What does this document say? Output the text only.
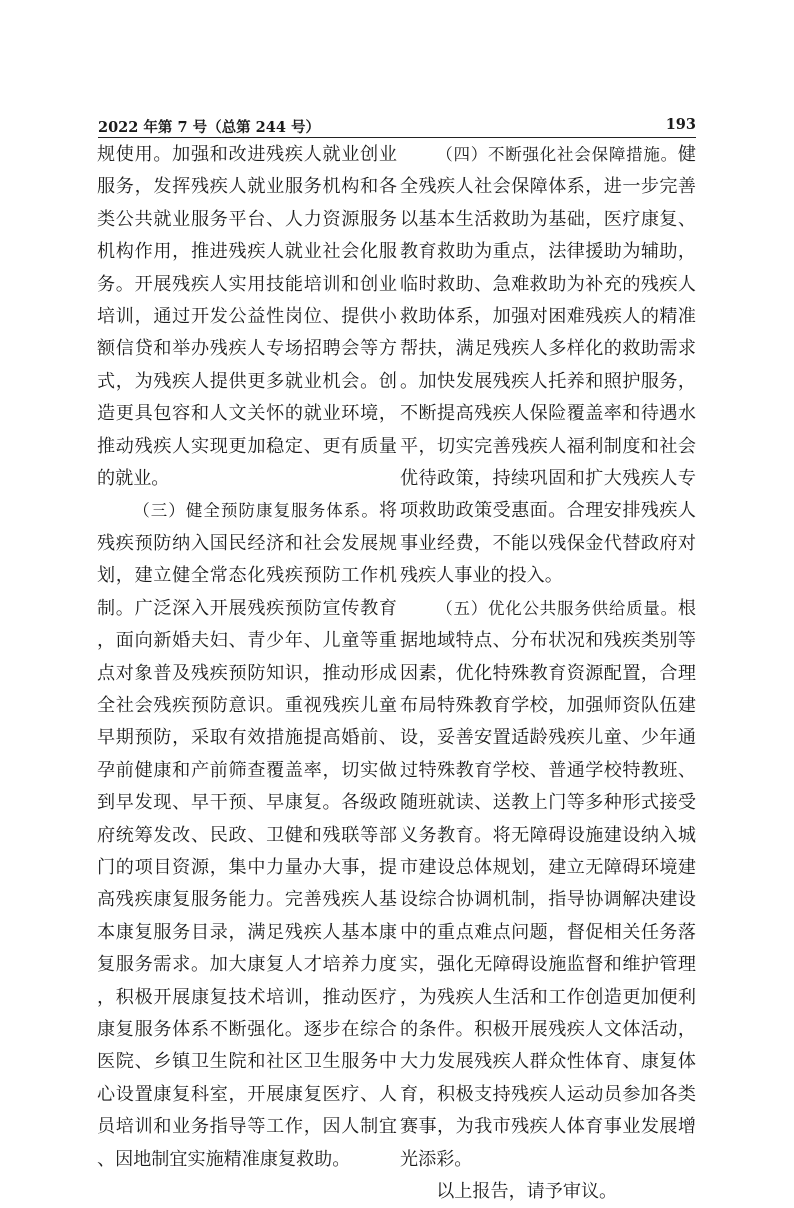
2022 年第 7 号（总第 244 号）	193

规使用。加强和改进残疾人就业创业服务，发挥残疾人就业服务机构和各类公共就业服务平台、人力资源服务机构作用，推进残疾人就业社会化服务。开展残疾人实用技能培训和创业培训，通过开发公益性岗位、提供小额信贷和举办残疾人专场招聘会等方式，为残疾人提供更多就业机会。创造更具包容和人文关怀的就业环境，推动残疾人实现更加稳定、更有质量的就业。

（三）健全预防康复服务体系。将残疾预防纳入国民经济和社会发展规划，建立健全常态化残疾预防工作机制。广泛深入开展残疾预防宣传教育，面向新婚夫妇、青少年、儿童等重点对象普及残疾预防知识，推动形成全社会残疾预防意识。重视残疾儿童早期预防，采取有效措施提高婚前、孕前健康和产前筛查覆盖率，切实做到早发现、早干预、早康复。各级政府统筹发改、民政、卫健和残联等部门的项目资源，集中力量办大事，提高残疾康复服务能力。完善残疾人基本康复服务目录，满足残疾人基本康复服务需求。加大康复人才培养力度，积极开展康复技术培训，推动医疗康复服务体系不断强化。逐步在综合医院、乡镇卫生院和社区卫生服务中心设置康复科室，开展康复医疗、人员培训和业务指导等工作，因人制宜、因地制宜实施精准康复救助。

（四）不断强化社会保障措施。健全残疾人社会保障体系，进一步完善以基本生活救助为基础，医疗康复、教育救助为重点，法律援助为辅助，临时救助、急难救助为补充的残疾人救助体系，加强对困难残疾人的精准帮扶，满足残疾人多样化的救助需求。加快发展残疾人托养和照护服务，不断提高残疾人保险覆盖率和待遇水平，切实完善残疾人福利制度和社会优待政策，持续巩固和扩大残疾人专项救助政策受惠面。合理安排残疾人事业经费，不能以残保金代替政府对残疾人事业的投入。

（五）优化公共服务供给质量。根据地域特点、分布状况和残疾类别等因素，优化特殊教育资源配置，合理布局特殊教育学校，加强师资队伍建设，妥善安置适龄残疾儿童、少年通过特殊教育学校、普通学校特教班、随班就读、送教上门等多种形式接受义务教育。将无障碍设施建设纳入城市建设总体规划，建立无障碍环境建设综合协调机制，指导协调解决建设中的重点难点问题，督促相关任务落实，强化无障碍设施监督和维护管理，为残疾人生活和工作创造更加便利的条件。积极开展残疾人文体活动，大力发展残疾人群众性体育、康复体育，积极支持残疾人运动员参加各类赛事，为我市残疾人体育事业发展增光添彩。

以上报告，请予审议。
